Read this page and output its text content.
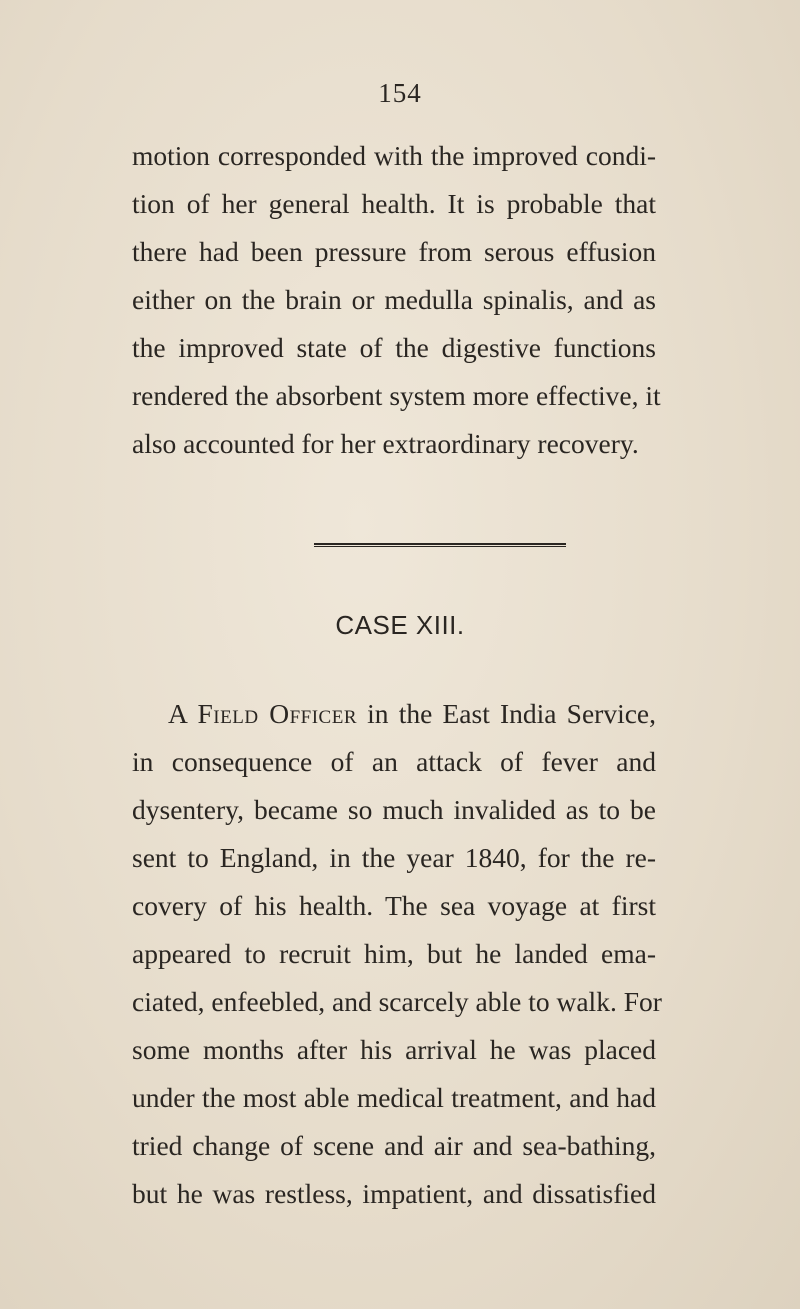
154
motion corresponded with the improved condi-
tion of her general health. It is probable that
there had been pressure from serous effusion
either on the brain or medulla spinalis, and as
the improved state of the digestive functions
rendered the absorbent system more effective, it
also accounted for her extraordinary recovery.
CASE XIII.
A Field Officer in the East India Service,
in consequence of an attack of fever and
dysentery, became so much invalided as to be
sent to England, in the year 1840, for the re-
covery of his health. The sea voyage at first
appeared to recruit him, but he landed ema-
ciated, enfeebled, and scarcely able to walk. For
some months after his arrival he was placed
under the most able medical treatment, and had
tried change of scene and air and sea-bathing,
but he was restless, impatient, and dissatisfied
